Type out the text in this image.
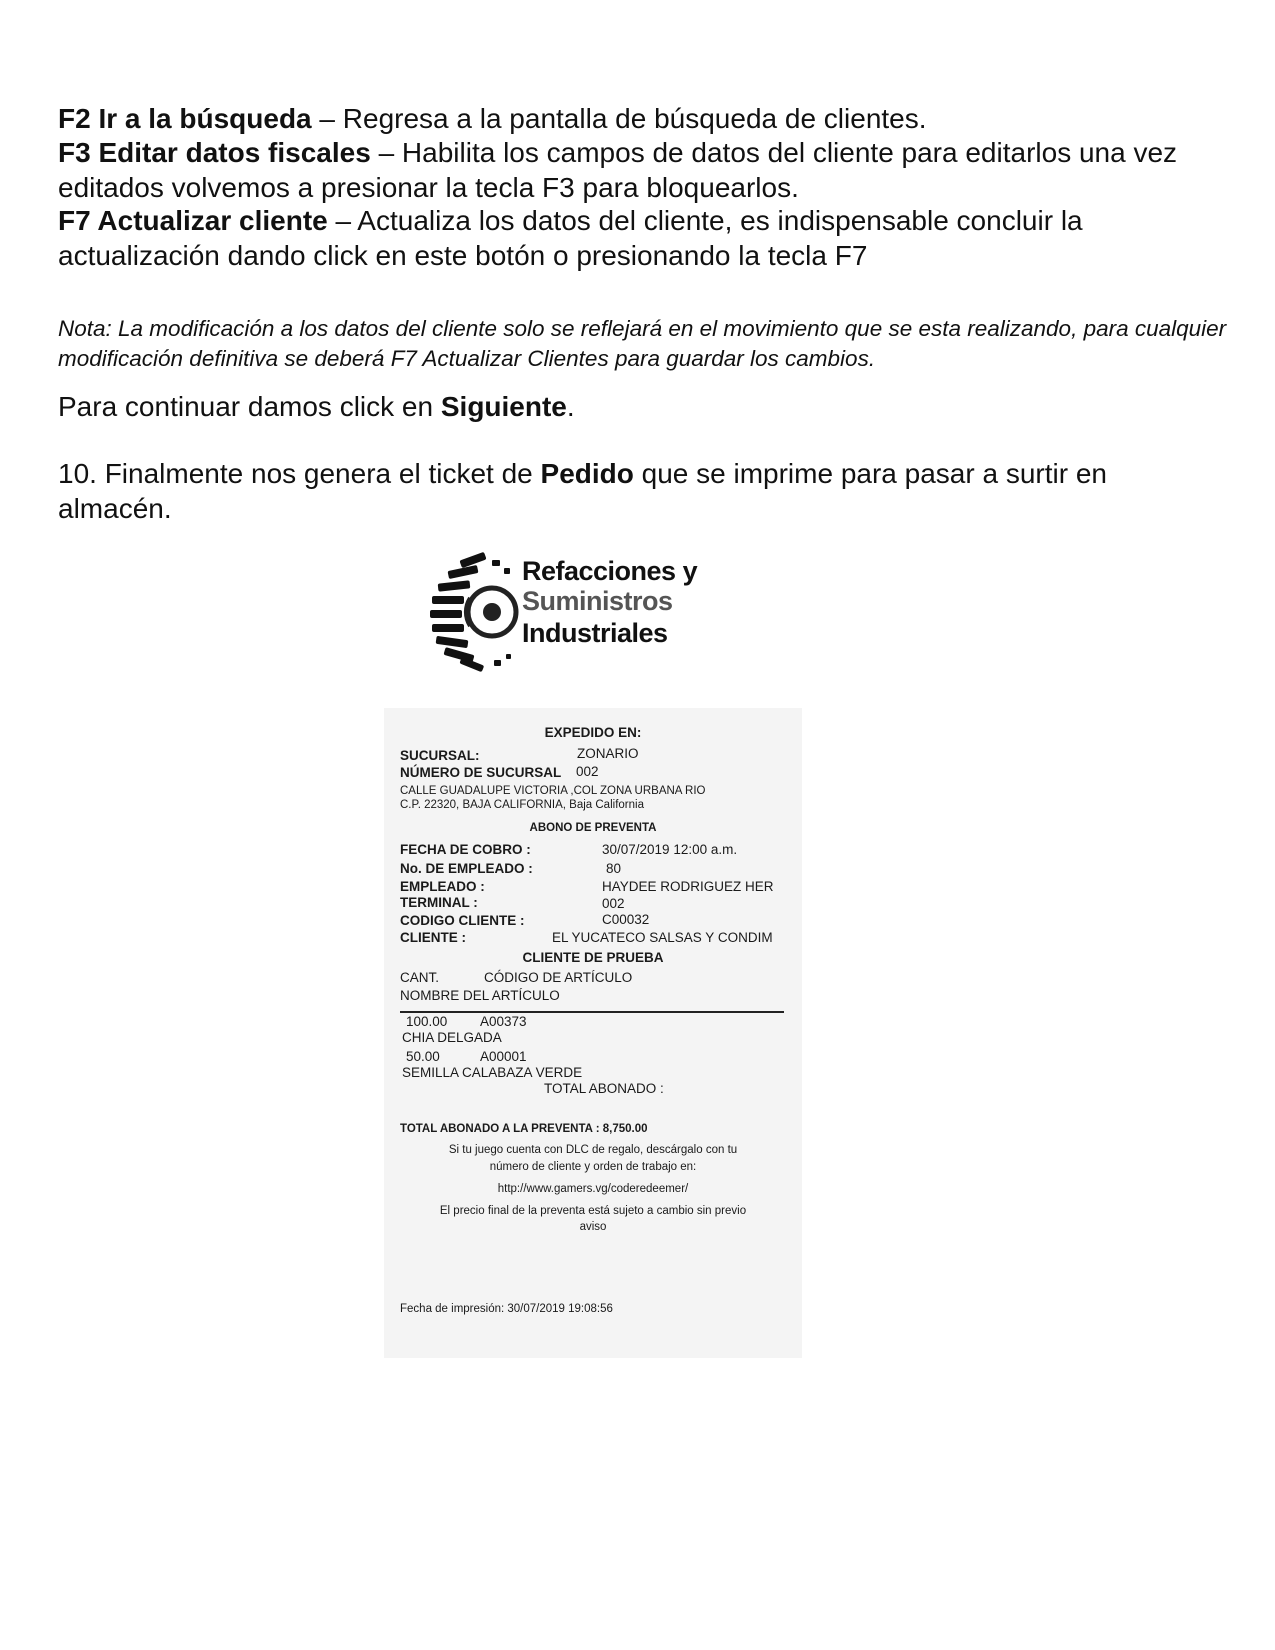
F2 Ir a la búsqueda – Regresa a la pantalla de búsqueda de clientes.
F3 Editar datos fiscales – Habilita los campos de datos del cliente para editarlos una vez editados volvemos a presionar la tecla F3 para bloquearlos.
F7 Actualizar cliente – Actualiza los datos del cliente, es indispensable concluir la actualización dando click en este botón o presionando la tecla F7
Nota: La modificación a los datos del cliente solo se reflejará en el movimiento que se esta realizando, para cualquier modificación definitiva se deberá F7 Actualizar Clientes para guardar los cambios.
Para continuar damos click en Siguiente.
10. Finalmente nos genera el ticket de Pedido que se imprime para pasar a surtir en almacén.
Refacciones y
Suministros
Industriales
EXPEDIDO EN:
SUCURSAL:	ZONARIO
NÚMERO DE SUCURSAL 002
CALLE GUADALUPE VICTORIA ,COL ZONA URBANA RIO
C.P. 22320, BAJA CALIFORNIA, Baja California
ABONO DE PREVENTA
FECHA DE COBRO :	30/07/2019 12:00 a.m.
No. DE EMPLEADO :	80
EMPLEADO :	HAYDEE RODRIGUEZ HER
TERMINAL :	002
CODIGO CLIENTE :	C00032
CLIENTE :	EL YUCATECO SALSAS Y CONDIM
CLIENTE DE PRUEBA
CANT.	CÓDIGO DE ARTÍCULO
NOMBRE DEL ARTÍCULO
100.00 A00373
CHIA DELGADA
50.00	A00001
SEMILLA CALABAZA VERDE
TOTAL ABONADO :
TOTAL ABONADO A LA PREVENTA : 8,750.00
Si tu juego cuenta con DLC de regalo, descárgalo con tu
número de cliente y orden de trabajo en:
http://www.gamers.vg/coderedeemer/
El precio final de la preventa está sujeto a cambio sin previo
aviso
Fecha de impresión: 30/07/2019 19:08:56
